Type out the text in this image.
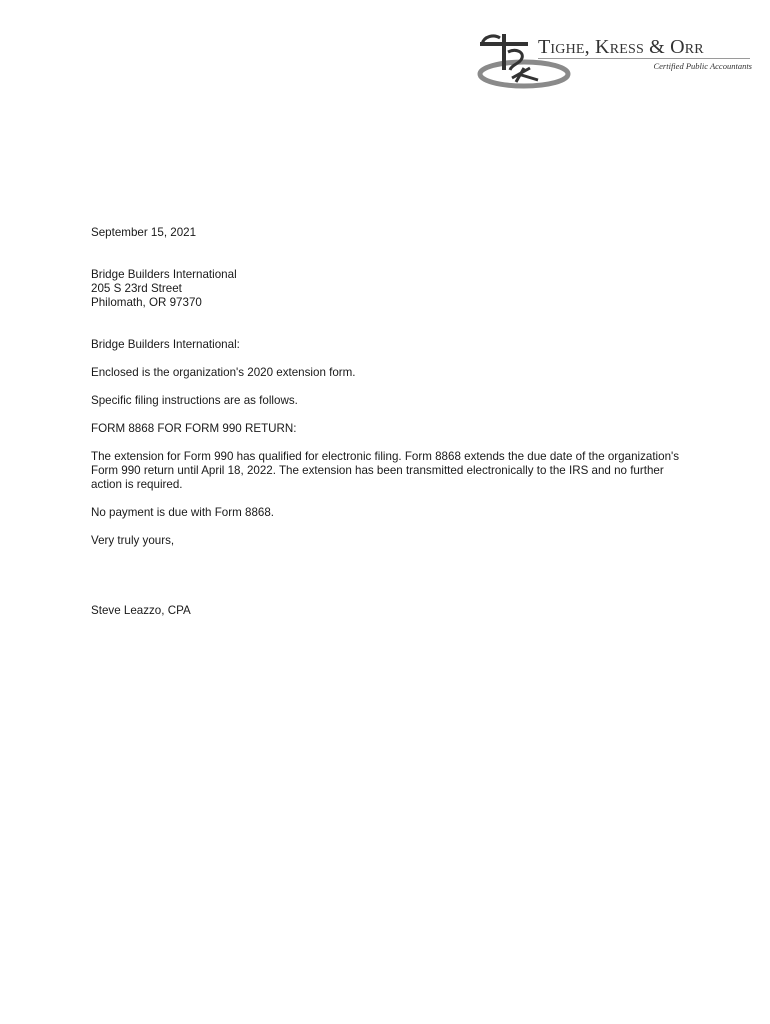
Tighe, Kress & Orr
Certified Public Accountants

September 15, 2021

Bridge Builders International
205 S 23rd Street
Philomath, OR 97370

Bridge Builders International:

Enclosed is the organization's 2020 extension form.

Specific filing instructions are as follows.

FORM 8868 FOR FORM 990 RETURN:

The extension for Form 990 has qualified for electronic filing. Form 8868 extends the due date of the organization's Form 990 return until April 18, 2022. The extension has been transmitted electronically to the IRS and no further action is required.

No payment is due with Form 8868.

Very truly yours,

Steve Leazzo, CPA
